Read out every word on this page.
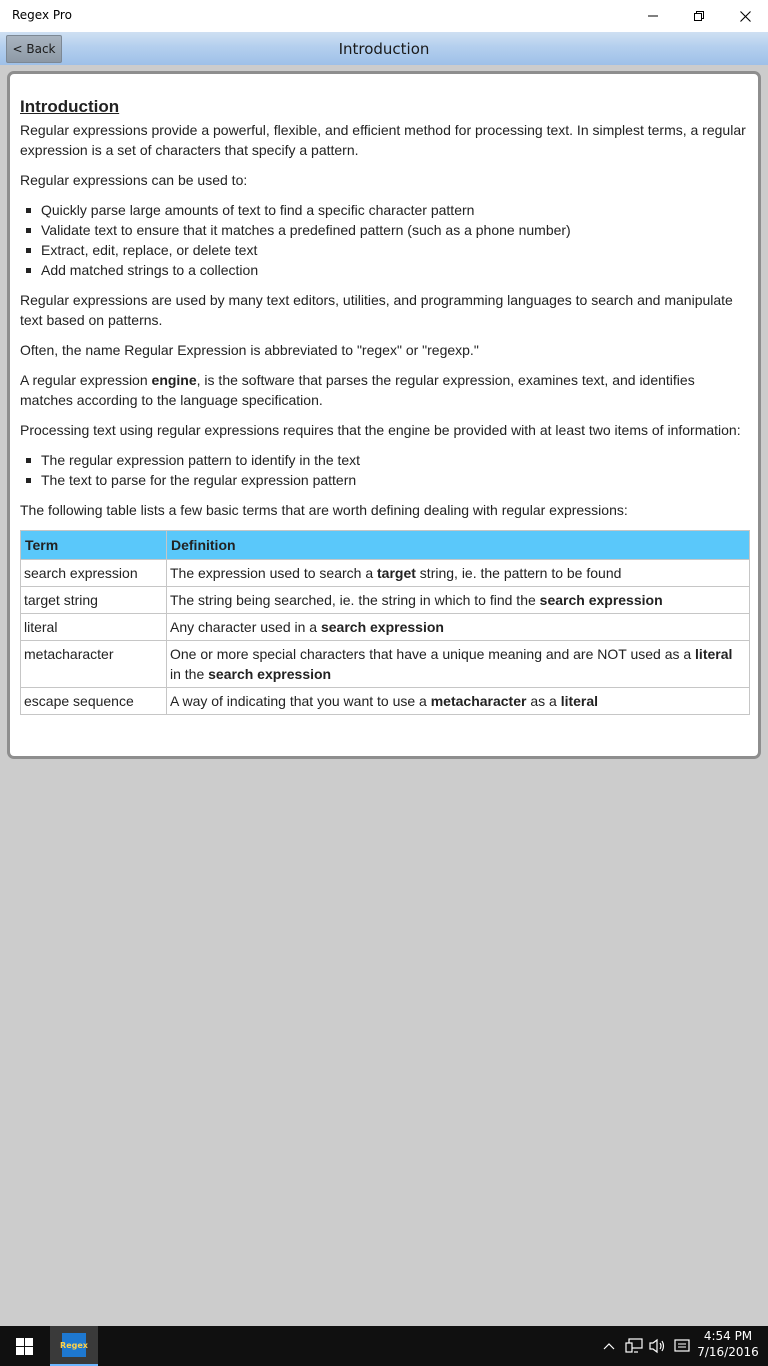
Regex Pro
< Back	Introduction
Introduction

Regular expressions provide a powerful, flexible, and efficient method for processing text. In simplest terms, a regular expression is a set of characters that specify a pattern.

Regular expressions can be used to:

Quickly parse large amounts of text to find a specific character pattern
Validate text to ensure that it matches a predefined pattern (such as a phone number)
Extract, edit, replace, or delete text
Add matched strings to a collection

Regular expressions are used by many text editors, utilities, and programming languages to search and manipulate text based on patterns.

Often, the name Regular Expression is abbreviated to "regex" or "regexp."

A regular expression engine, is the software that parses the regular expression, examines text, and identifies matches according to the language specification.

Processing text using regular expressions requires that the engine be provided with at least two items of information:

The regular expression pattern to identify in the text
The text to parse for the regular expression pattern

The following table lists a few basic terms that are worth defining dealing with regular expressions:

Term	Definition
search expression	The expression used to search a target string, ie. the pattern to be found
target string	The string being searched, ie. the string in which to find the search expression
literal	Any character used in a search expression
metacharacter	One or more special characters that have a unique meaning and are NOT used as a literal in the search expression
escape sequence	A way of indicating that you want to use a metacharacter as a literal
Regex
4:54 PM
7/16/2016
